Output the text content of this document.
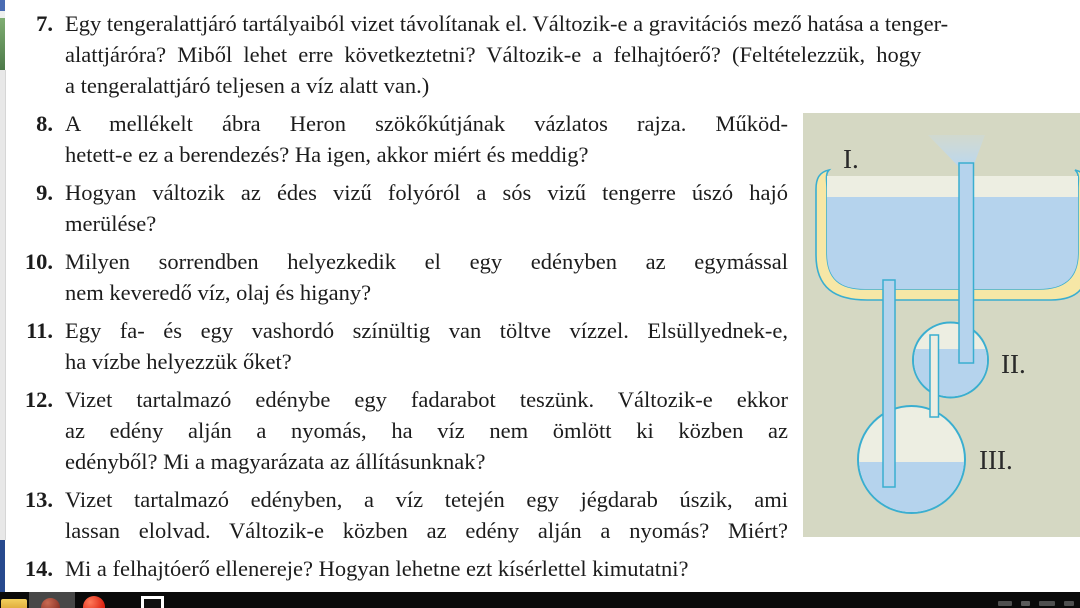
7. Egy tengeralattjáró tartályaiból vizet távolítanak el. Változik-e a gravitációs mező hatása a tenger-
alattjáróra? Miből lehet erre következtetni? Változik-e a felhajtóerő? (Feltételezzük, hogy
a tengeralattjáró teljesen a víz alatt van.)
8. A mellékelt ábra Heron szökőkútjának vázlatos rajza. Működ-
hetett-e ez a berendezés? Ha igen, akkor miért és meddig?
9. Hogyan változik az édes vizű folyóról a sós vizű tengerre úszó hajó
merülése?
10. Milyen sorrendben helyezkedik el egy edényben az egymással
nem keveredő víz, olaj és higany?
11. Egy fa- és egy vashordó színültig van töltve vízzel. Elsüllyednek-e,
ha vízbe helyezzük őket?
12. Vizet tartalmazó edénybe egy fadarabot teszünk. Változik-e ekkor
az edény alján a nyomás, ha víz nem ömlött ki közben az
edényből? Mi a magyarázata az állításunknak?
13. Vizet tartalmazó edényben, a víz tetején egy jégdarab úszik, ami
lassan elolvad. Változik-e közben az edény alján a nyomás? Miért?
14. Mi a felhajtóerő ellenereje? Hogyan lehetne ezt kísérlettel kimutatni?
I.
II.
III.
